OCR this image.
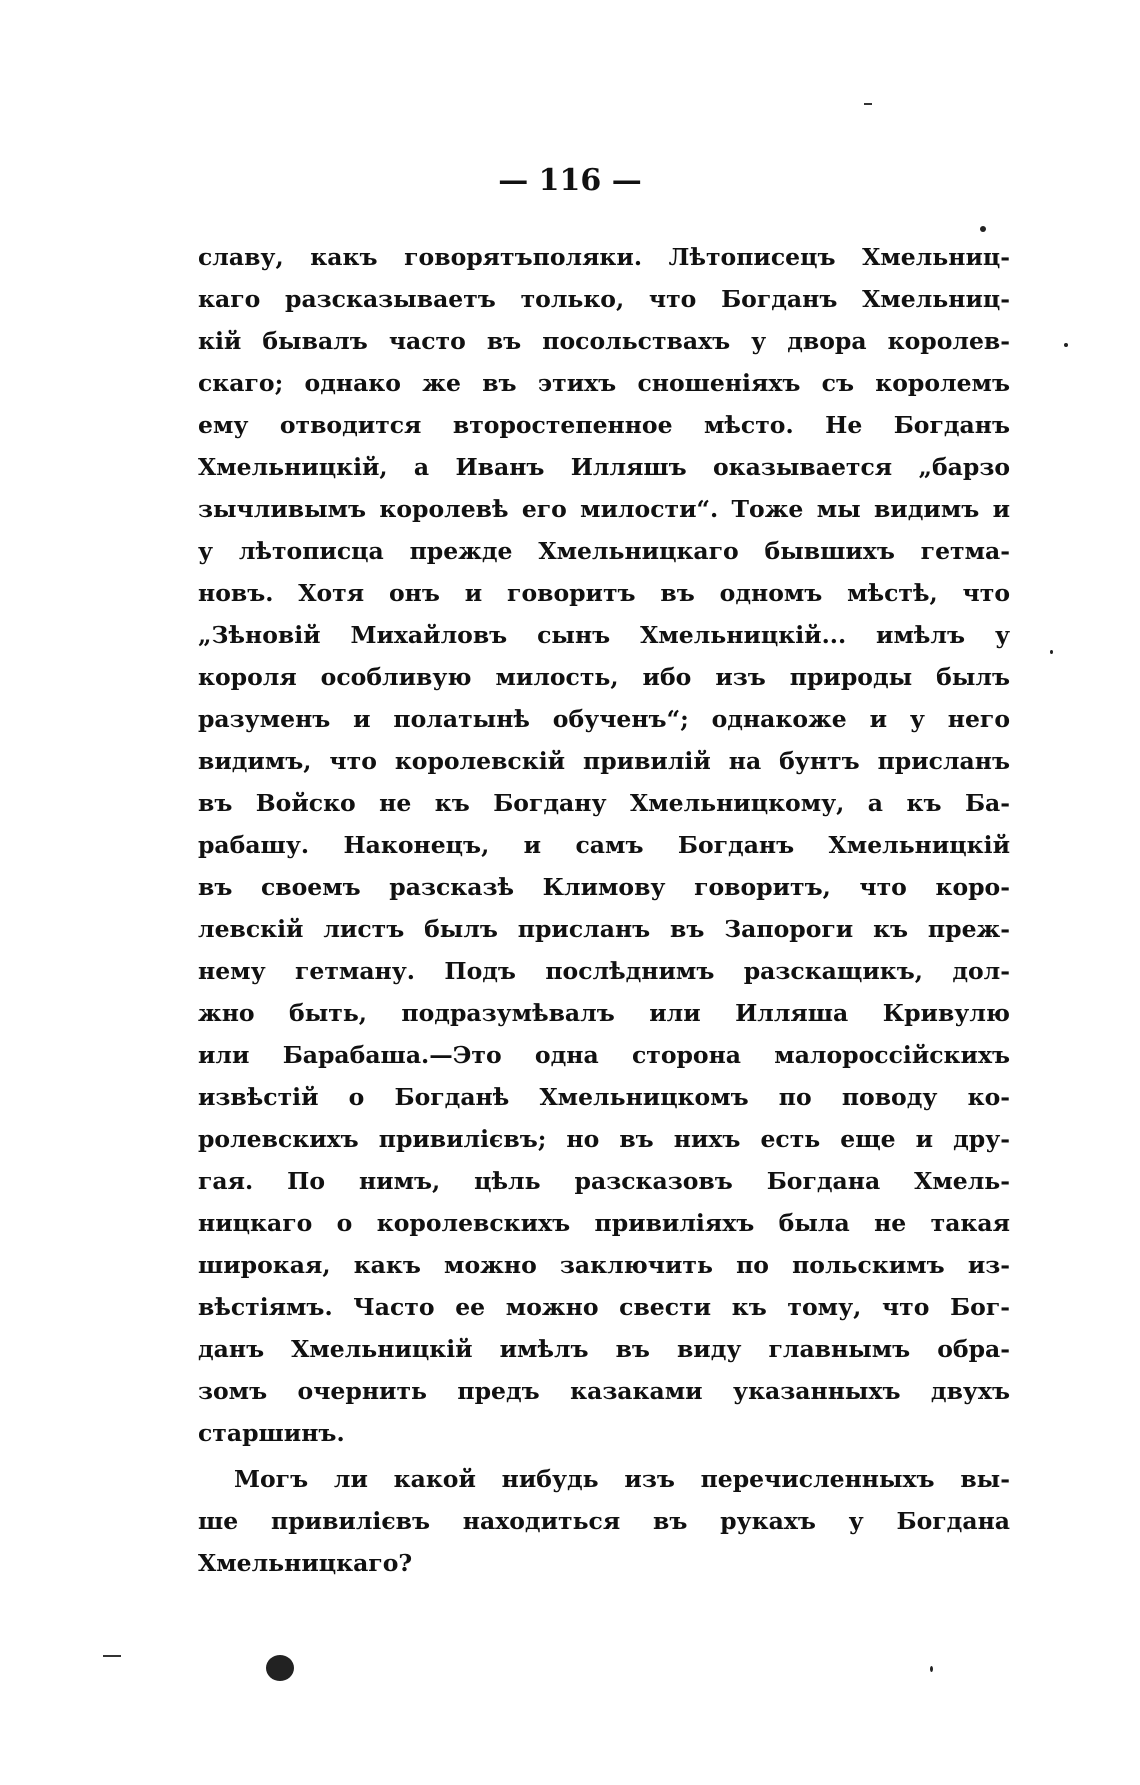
— 116 —
славу, какъ говорятъполяки. Лѣтописецъ Хмельниц-
каго разсказываетъ только, что Богданъ Хмельниц-
кій бывалъ часто въ посольствахъ у двора королев-
скаго; однако же въ этихъ сношеніяхъ съ королемъ
ему отводится второстепенное мѣсто. Не Богданъ
Хмельницкій, а Иванъ Илляшъ оказывается „барзо
зычливымъ королевѣ его милости“. Тоже мы видимъ и
у лѣтописца прежде Хмельницкаго бывшихъ гетма-
новъ. Хотя онъ и говоритъ въ одномъ мѣстѣ, что
„Зѣновій Михайловъ сынъ Хмельницкій... имѣлъ у
короля особливую милость, ибо изъ природы былъ
разуменъ и полатынѣ обученъ“; однакоже и у него
видимъ, что королевскій привилій на бунтъ присланъ
въ Войско не къ Богдану Хмельницкому, а къ Ба-
рабашу. Наконецъ, и самъ Богданъ Хмельницкій
въ своемъ разсказѣ Климову говоритъ, что коро-
левскій листъ былъ присланъ въ Запороги къ преж-
нему гетману. Подъ послѣднимъ разскащикъ, дол-
жно быть, подразумѣвалъ или Илляша Кривулю
или Барабаша.—Это одна сторона малороссійскихъ
извѣстій о Богданѣ Хмельницкомъ по поводу ко-
ролевскихъ привилієвъ; но въ нихъ есть еще и дру-
гая. По нимъ, цѣль разсказовъ Богдана Хмель-
ницкаго о королевскихъ привиліяхъ была не такая
широкая, какъ можно заключить по польскимъ из-
вѣстіямъ. Часто ее можно свести къ тому, что Бог-
данъ Хмельницкій имѣлъ въ виду главнымъ обра-
зомъ очернить предъ казаками указанныхъ двухъ
старшинъ.
Могъ ли какой нибудь изъ перечисленныхъ вы-
ше привилієвъ находиться въ рукахъ у Богдана
Хмельницкаго?
